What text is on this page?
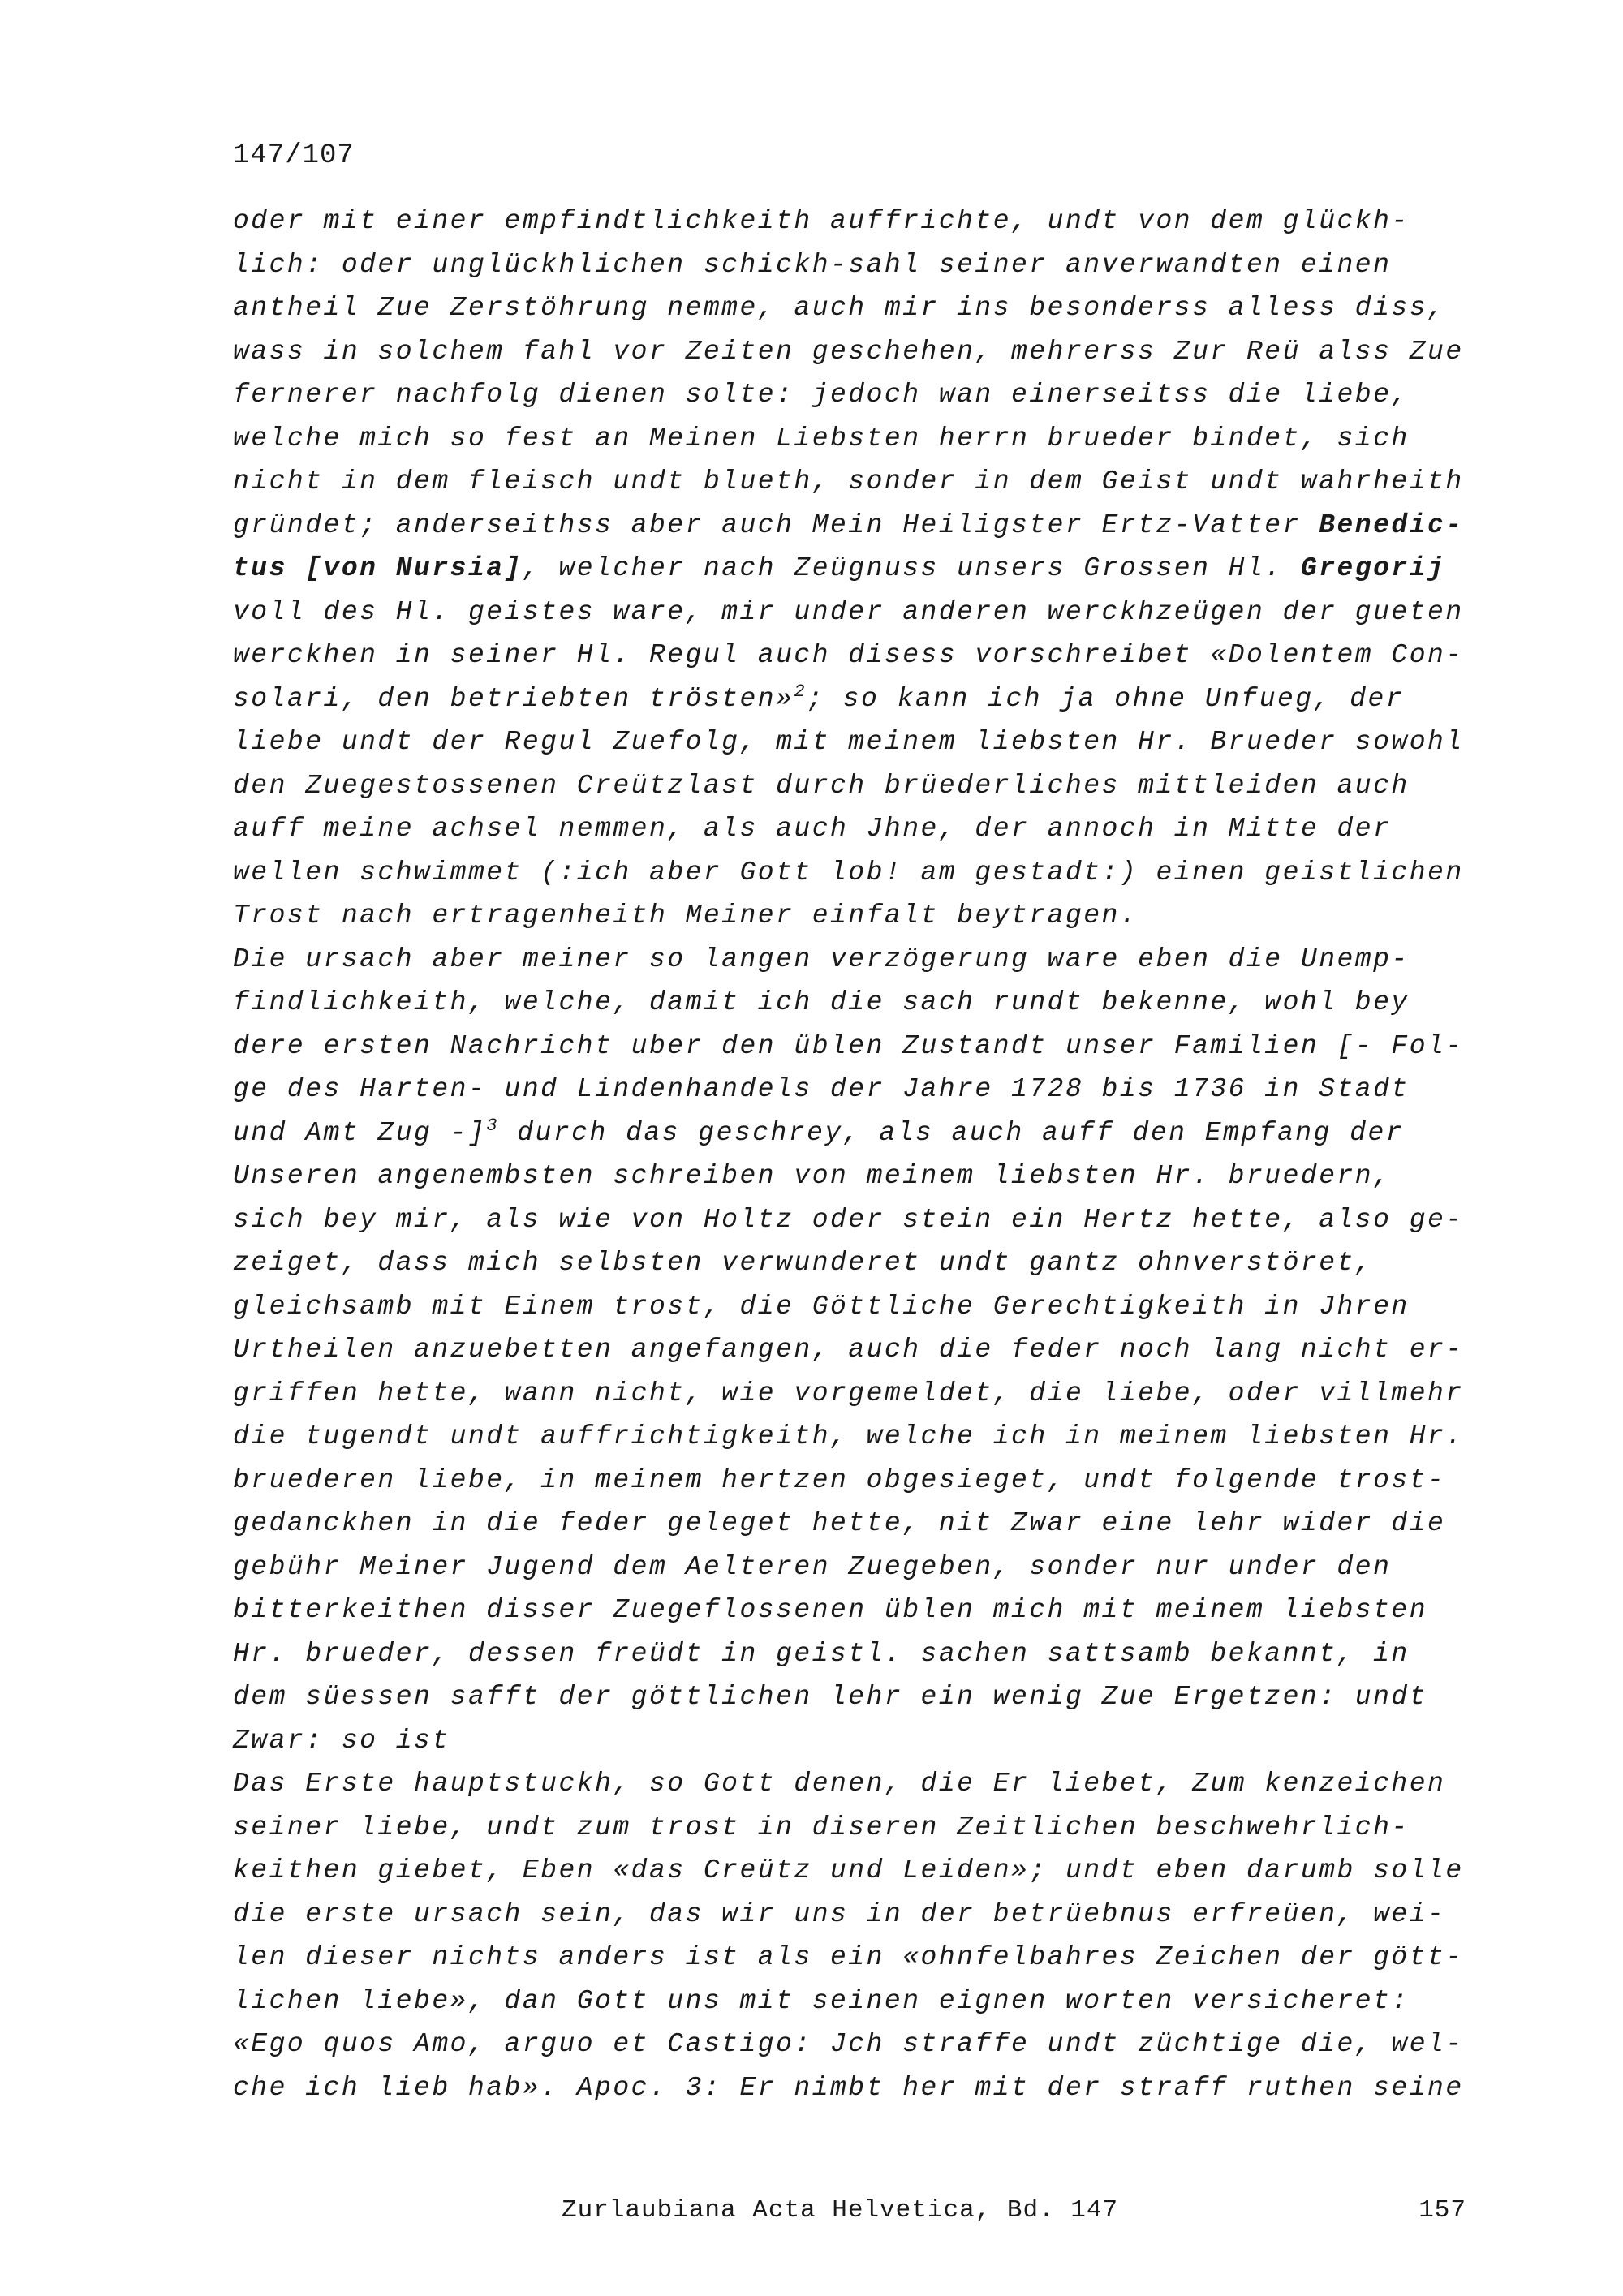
147/107
oder mit einer empfindtlichkeith auffrichte, undt von dem glückh-
lich: oder unglückhlichen schickh-sahl seiner anverwandten einen
antheil Zue Zerstöhrung nemme, auch mir ins besonderss alless diss,
wass in solchem fahl vor Zeiten geschehen, mehrerss Zur Reü alss Zue
fernerer nachfolg dienen solte: jedoch wan einerseitss die liebe,
welche mich so fest an Meinen Liebsten herrn brueder bindet, sich
nicht in dem fleisch undt blueth, sonder in dem Geist undt wahrheith
gründet; anderseithss aber auch Mein Heiligster Ertz-Vatter Benedic-
tus [von Nursia], welcher nach Zeügnuss unsers Grossen Hl. Gregorij
voll des Hl. geistes ware, mir under anderen werckhzeügen der gueten
werckhen in seiner Hl. Regul auch disess vorschreibet «Dolentem Con-
solari, den betriebten trösten»$^2$; so kann ich ja ohne Unfueg, der
liebe undt der Regul Zuefolg, mit meinem liebsten Hr. Brueder sowohl
den Zuegestossenen Creützlast durch brüederliches mittleiden auch
auff meine achsel nemmen, als auch Jhne, der annoch in Mitte der
wellen schwimmet (:ich aber Gott lob! am gestadt:) einen geistlichen
Trost nach ertragenheith Meiner einfalt beytragen.
Die ursach aber meiner so langen verzögerung ware eben die Unemp-
findlichkeith, welche, damit ich die sach rundt bekenne, wohl bey
dere ersten Nachricht uber den üblen Zustandt unser Familien [- Fol-
ge des Harten- und Lindenhandels der Jahre 1728 bis 1736 in Stadt
und Amt Zug -]$^3$ durch das geschrey, als auch auff den Empfang der
Unseren angenembsten schreiben von meinem liebsten Hr. bruedern,
sich bey mir, als wie von Holtz oder stein ein Hertz hette, also ge-
zeiget, dass mich selbsten verwunderet undt gantz ohnverstöret,
gleichsamb mit Einem trost, die Göttliche Gerechtigkeith in Jhren
Urtheilen anzuebetten angefangen, auch die feder noch lang nicht er-
griffen hette, wann nicht, wie vorgemeldet, die liebe, oder villmehr
die tugendt undt auffrichtigkeith, welche ich in meinem liebsten Hr.
bruederen liebe, in meinem hertzen obgesieget, undt folgende trost-
gedanckhen in die feder geleget hette, nit Zwar eine lehr wider die
gebühr Meiner Jugend dem Aelteren Zuegeben, sonder nur under den
bitterkeithen disser Zuegeflossenen üblen mich mit meinem liebsten
Hr. brueder, dessen freüdt in geistl. sachen sattsamb bekannt, in
dem süessen safft der göttlichen lehr ein wenig Zue Ergetzen: undt
Zwar: so ist
Das Erste hauptstuckh, so Gott denen, die Er liebet, Zum kenzeichen
seiner liebe, undt zum trost in diseren Zeitlichen beschwehrlich-
keithen giebet, Eben «das Creütz und Leiden»; undt eben darumb solle
die erste ursach sein, das wir uns in der betrüebnus erfreüen, wei-
len dieser nichts anders ist als ein «ohnfelbahres Zeichen der gött-
lichen liebe», dan Gott uns mit seinen eignen worten versicheret:
«Ego quos Amo, arguo et Castigo: Jch straffe undt züchtige die, wel-
che ich lieb hab». Apoc. 3: Er nimbt her mit der straff ruthen seine
Zurlaubiana Acta Helvetica, Bd. 147	157
